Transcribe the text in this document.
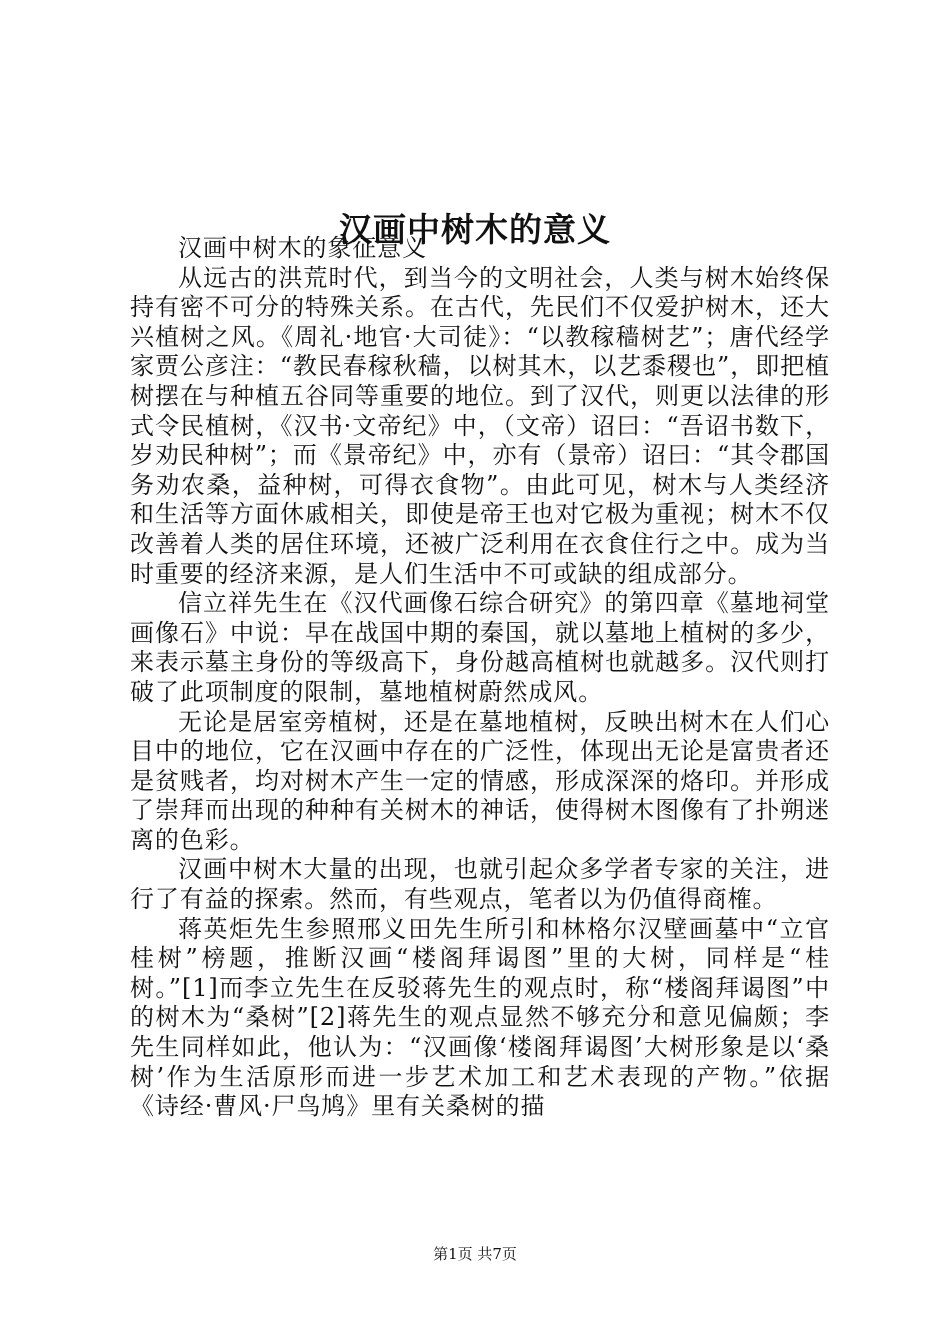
汉画中树木的意义

汉画中树木的象征意义

从远古的洪荒时代，到当今的文明社会，人类与树木始终保持有密不可分的特殊关系。在古代，先民们不仅爱护树木，还大兴植树之风。《周礼·地官·大司徒》：“以教稼穑树艺”；唐代经学家贾公彦注：“教民春稼秋穑，以树其木，以艺黍稷也”，即把植树摆在与种植五谷同等重要的地位。到了汉代，则更以法律的形式令民植树，《汉书·文帝纪》中，（文帝）诏曰：“吾诏书数下，岁劝民种树”；而《景帝纪》中，亦有（景帝）诏曰：“其令郡国务劝农桑，益种树，可得衣食物”。由此可见，树木与人类经济和生活等方面休戚相关，即使是帝王也对它极为重视；树木不仅改善着人类的居住环境，还被广泛利用在衣食住行之中。成为当时重要的经济来源，是人们生活中不可或缺的组成部分。

信立祥先生在《汉代画像石综合研究》的第四章《墓地祠堂画像石》中说：早在战国中期的秦国，就以墓地上植树的多少，来表示墓主身份的等级高下，身份越高植树也就越多。汉代则打破了此项制度的限制，墓地植树蔚然成风。

无论是居室旁植树，还是在墓地植树，反映出树木在人们心目中的地位，它在汉画中存在的广泛性，体现出无论是富贵者还是贫贱者，均对树木产生一定的情感，形成深深的烙印。并形成了崇拜而出现的种种有关树木的神话，使得树木图像有了扑朔迷离的色彩。

汉画中树木大量的出现，也就引起众多学者专家的关注，进行了有益的探索。然而，有些观点，笔者以为仍值得商榷。

蒋英炬先生参照邢义田先生所引和林格尔汉壁画墓中“立官桂树”榜题，推断汉画“楼阁拜谒图”里的大树，同样是“桂树。”[1]而李立先生在反驳蒋先生的观点时，称“楼阁拜谒图”中的树木为“桑树”[2]蒋先生的观点显然不够充分和意见偏颇；李先生同样如此，他认为：“汉画像‘楼阁拜谒图’大树形象是以‘桑树’作为生活原形而进一步艺术加工和艺术表现的产物。”依据《诗经·曹风·尸鸟鸠》里有关桑树的描

第1页 共7页
